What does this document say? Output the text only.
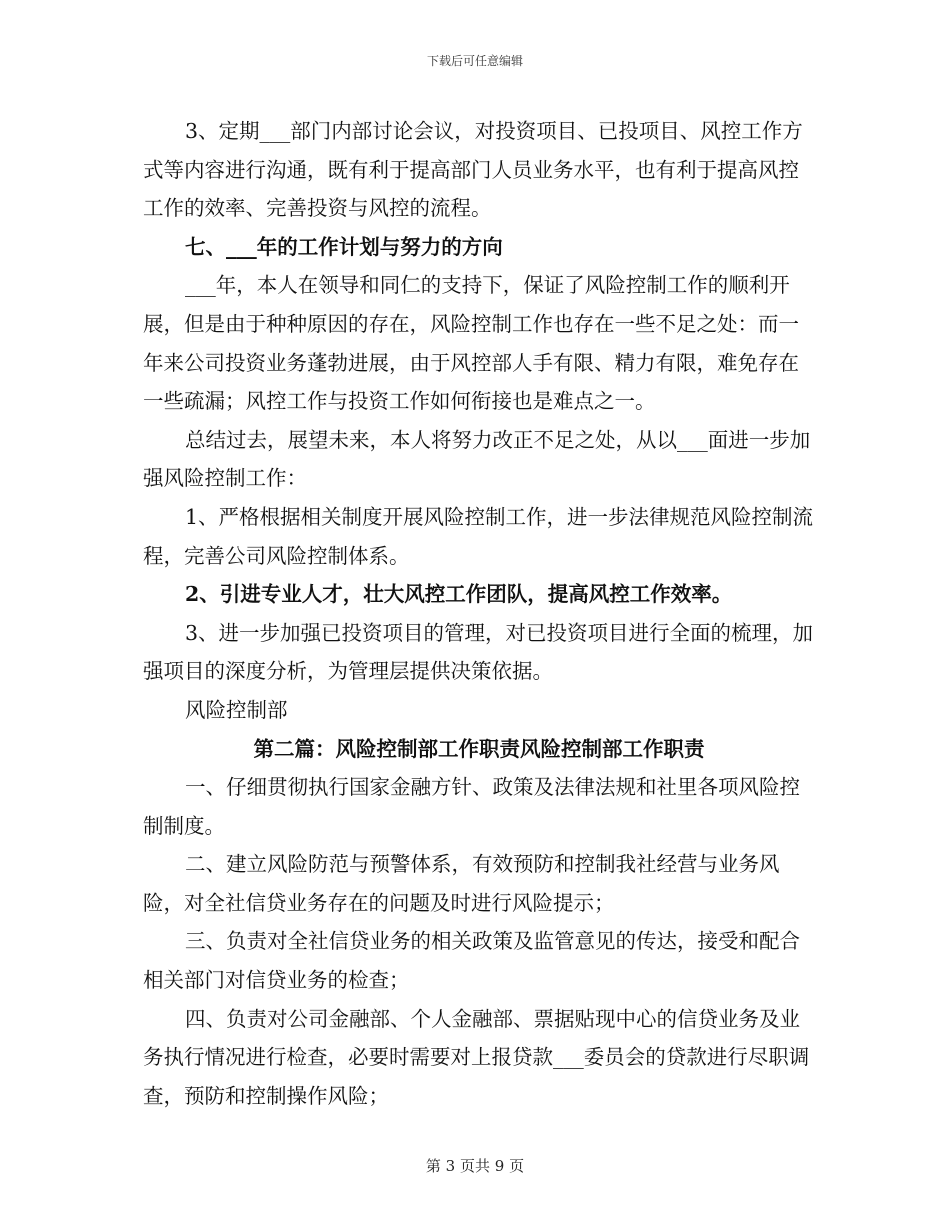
下载后可任意编辑

3、定期___部门内部讨论会议，对投资项目、已投项目、风控工作方式等内容进行沟通，既有利于提高部门人员业务水平，也有利于提高风控工作的效率、完善投资与风控的流程。

七、___年的工作计划与努力的方向

___年，本人在领导和同仁的支持下，保证了风险控制工作的顺利开展，但是由于种种原因的存在，风险控制工作也存在一些不足之处：而一年来公司投资业务蓬勃进展，由于风控部人手有限、精力有限，难免存在一些疏漏；风控工作与投资工作如何衔接也是难点之一。

总结过去，展望未来，本人将努力改正不足之处，从以___面进一步加强风险控制工作：

1、严格根据相关制度开展风险控制工作，进一步法律规范风险控制流程，完善公司风险控制体系。

2、引进专业人才，壮大风控工作团队，提高风控工作效率。

3、进一步加强已投资项目的管理，对已投资项目进行全面的梳理，加强项目的深度分析，为管理层提供决策依据。

风险控制部

第二篇：风险控制部工作职责风险控制部工作职责

一、仔细贯彻执行国家金融方针、政策及法律法规和社里各项风险控制制度。

二、建立风险防范与预警体系，有效预防和控制我社经营与业务风险，对全社信贷业务存在的问题及时进行风险提示；

三、负责对全社信贷业务的相关政策及监管意见的传达，接受和配合相关部门对信贷业务的检查；

四、负责对公司金融部、个人金融部、票据贴现中心的信贷业务及业务执行情况进行检查，必要时需要对上报贷款___委员会的贷款进行尽职调查，预防和控制操作风险；

第 3 页共 9 页
